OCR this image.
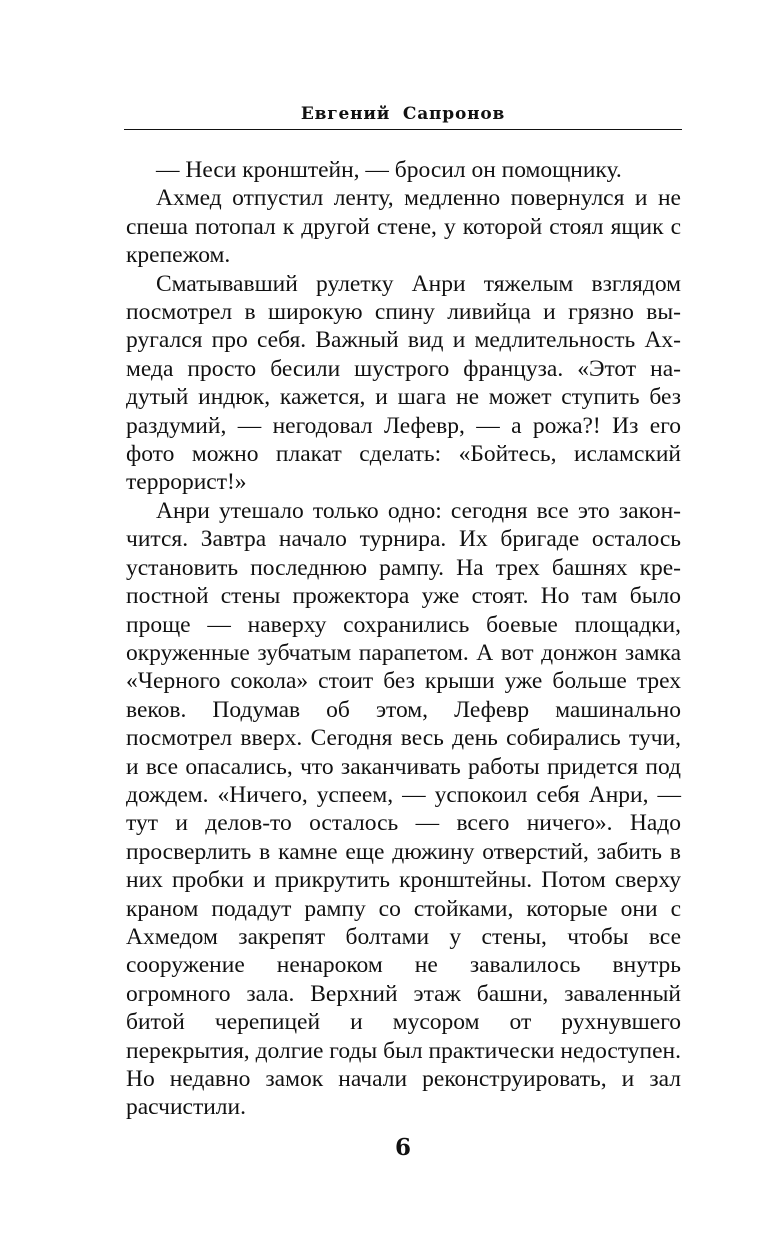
Евгений Сапронов

— Неси кронштейн, — бросил он помощнику.

Ахмед отпустил ленту, медленно повернулся и не спеша потопал к другой стене, у которой стоял ящик с крепежом.

Сматывавший рулетку Анри тяжелым взглядом посмотрел в широкую спину ливийца и грязно выругался про себя. Важный вид и медлительность Ахмеда просто бесили шустрого француза. «Этот надутый индюк, кажется, и шага не может ступить без раздумий, — негодовал Лефевр, — а рожа?! Из его фото можно плакат сделать: «Бойтесь, исламский террорист!»

Анри утешало только одно: сегодня все это закончится. Завтра начало турнира. Их бригаде осталось установить последнюю рампу. На трех башнях крепостной стены прожектора уже стоят. Но там было проще — наверху сохранились боевые площадки, окруженные зубчатым парапетом. А вот донжон замка «Черного сокола» стоит без крыши уже больше трех веков. Подумав об этом, Лефевр машинально посмотрел вверх. Сегодня весь день собирались тучи, и все опасались, что заканчивать работы придется под дождем. «Ничего, успеем, — успокоил себя Анри, — тут и делов-то осталось — всего ничего». Надо просверлить в камне еще дюжину отверстий, забить в них пробки и прикрутить кронштейны. Потом сверху краном подадут рампу со стойками, которые они с Ахмедом закрепят болтами у стены, чтобы все сооружение ненароком не завалилось внутрь огромного зала. Верхний этаж башни, заваленный битой черепицей и мусором от рухнувшего перекрытия, долгие годы был практически недоступен. Но недавно замок начали реконструировать, и зал расчистили.

6
